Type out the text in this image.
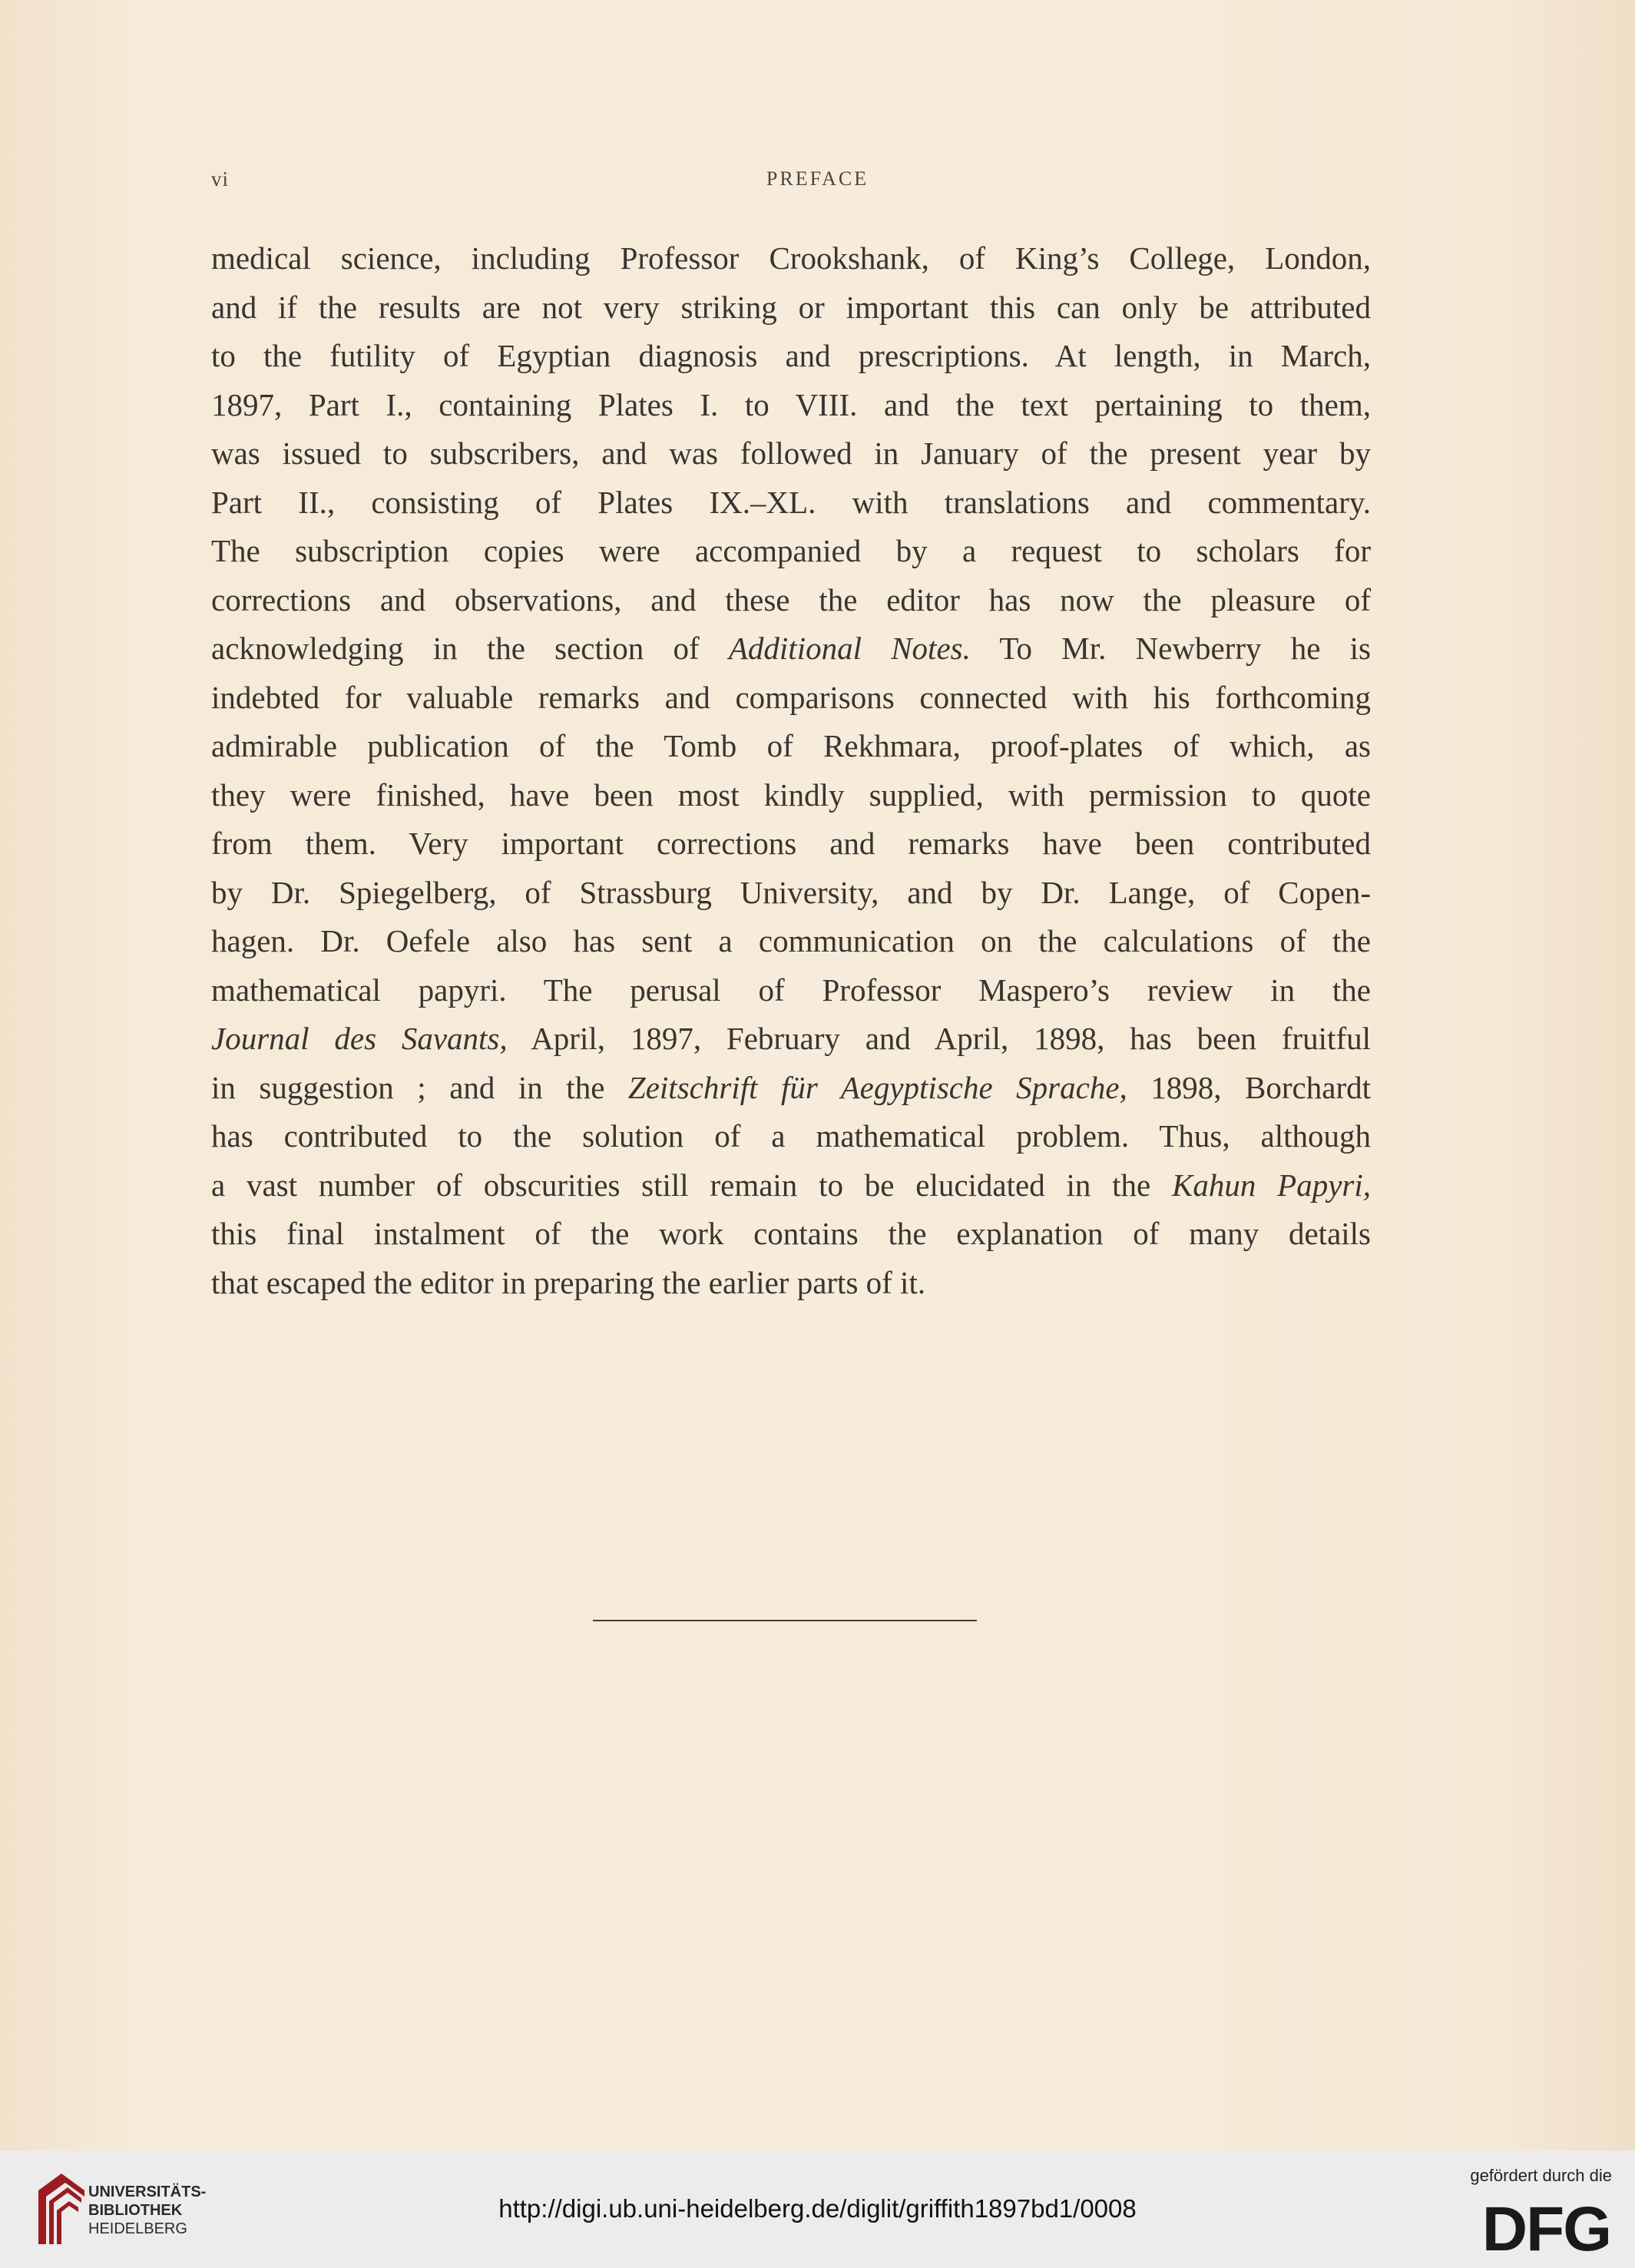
vi	PREFACE
medical science, including Professor Crookshank, of King’s College, London,
and if the results are not very striking or important this can only be attributed
to the futility of Egyptian diagnosis and prescriptions. At length, in March,
1897, Part I., containing Plates I. to VIII. and the text pertaining to them,
was issued to subscribers, and was followed in January of the present year by
Part II., consisting of Plates IX.–XL. with translations and commentary.
The subscription copies were accompanied by a request to scholars for
corrections and observations, and these the editor has now the pleasure of
acknowledging in the section of Additional Notes. To Mr. Newberry he is
indebted for valuable remarks and comparisons connected with his forthcoming
admirable publication of the Tomb of Rekhmara, proof-plates of which, as
they were finished, have been most kindly supplied, with permission to quote
from them. Very important corrections and remarks have been contributed
by Dr. Spiegelberg, of Strassburg University, and by Dr. Lange, of Copen-
hagen. Dr. Oefele also has sent a communication on the calculations of the
mathematical papyri. The perusal of Professor Maspero’s review in the
Journal des Savants, April, 1897, February and April, 1898, has been fruitful
in suggestion ; and in the Zeitschrift für Aegyptische Sprache, 1898, Borchardt
has contributed to the solution of a mathematical problem. Thus, although
a vast number of obscurities still remain to be elucidated in the Kahun Papyri,
this final instalment of the work contains the explanation of many details
that escaped the editor in preparing the earlier parts of it.
UNIVERSITÄTS-
BIBLIOTHEK
HEIDELBERG
http://digi.ub.uni-heidelberg.de/diglit/griffith1897bd1/0008
gefördert durch die
DFG
